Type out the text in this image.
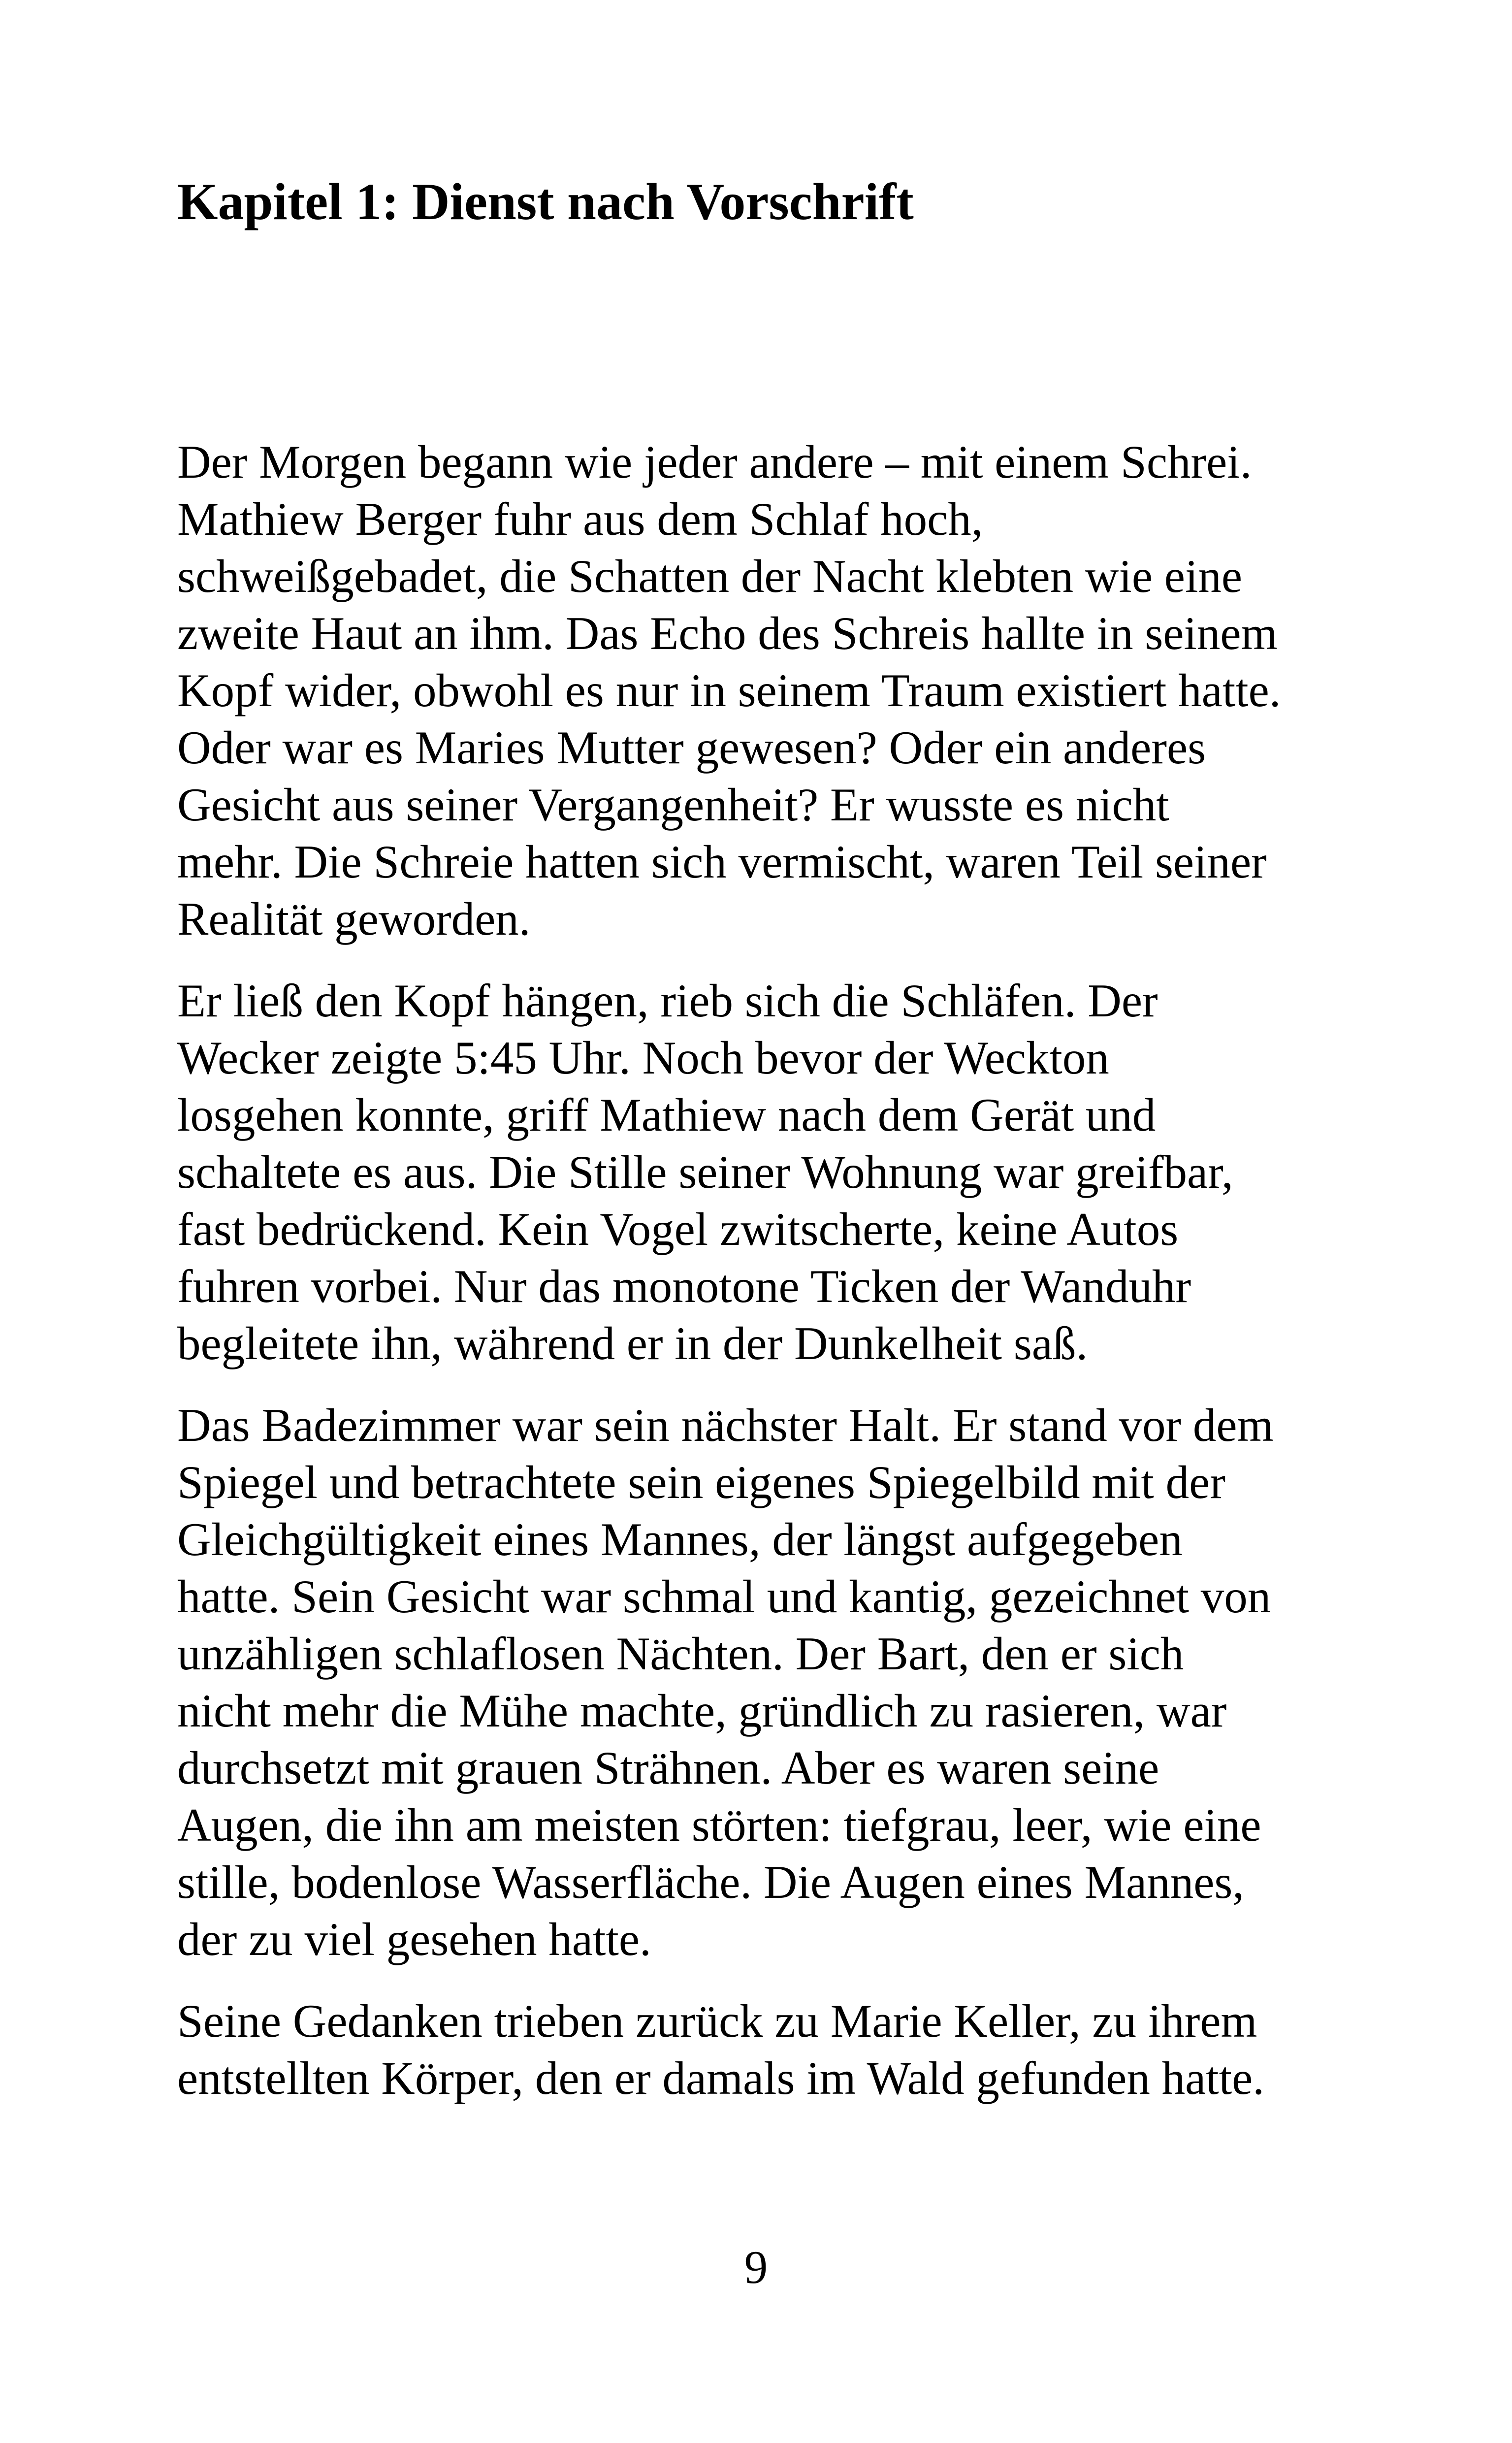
Kapitel 1: Dienst nach Vorschrift

Der Morgen begann wie jeder andere – mit einem Schrei.
Mathiew Berger fuhr aus dem Schlaf hoch,
schweißgebadet, die Schatten der Nacht klebten wie eine
zweite Haut an ihm. Das Echo des Schreis hallte in seinem
Kopf wider, obwohl es nur in seinem Traum existiert hatte.
Oder war es Maries Mutter gewesen? Oder ein anderes
Gesicht aus seiner Vergangenheit? Er wusste es nicht
mehr. Die Schreie hatten sich vermischt, waren Teil seiner
Realität geworden.

Er ließ den Kopf hängen, rieb sich die Schläfen. Der
Wecker zeigte 5:45 Uhr. Noch bevor der Weckton
losgehen konnte, griff Mathiew nach dem Gerät und
schaltete es aus. Die Stille seiner Wohnung war greifbar,
fast bedrückend. Kein Vogel zwitscherte, keine Autos
fuhren vorbei. Nur das monotone Ticken der Wanduhr
begleitete ihn, während er in der Dunkelheit saß.

Das Badezimmer war sein nächster Halt. Er stand vor dem
Spiegel und betrachtete sein eigenes Spiegelbild mit der
Gleichgültigkeit eines Mannes, der längst aufgegeben
hatte. Sein Gesicht war schmal und kantig, gezeichnet von
unzähligen schlaflosen Nächten. Der Bart, den er sich
nicht mehr die Mühe machte, gründlich zu rasieren, war
durchsetzt mit grauen Strähnen. Aber es waren seine
Augen, die ihn am meisten störten: tiefgrau, leer, wie eine
stille, bodenlose Wasserfläche. Die Augen eines Mannes,
der zu viel gesehen hatte.

Seine Gedanken trieben zurück zu Marie Keller, zu ihrem
entstellten Körper, den er damals im Wald gefunden hatte.

9
